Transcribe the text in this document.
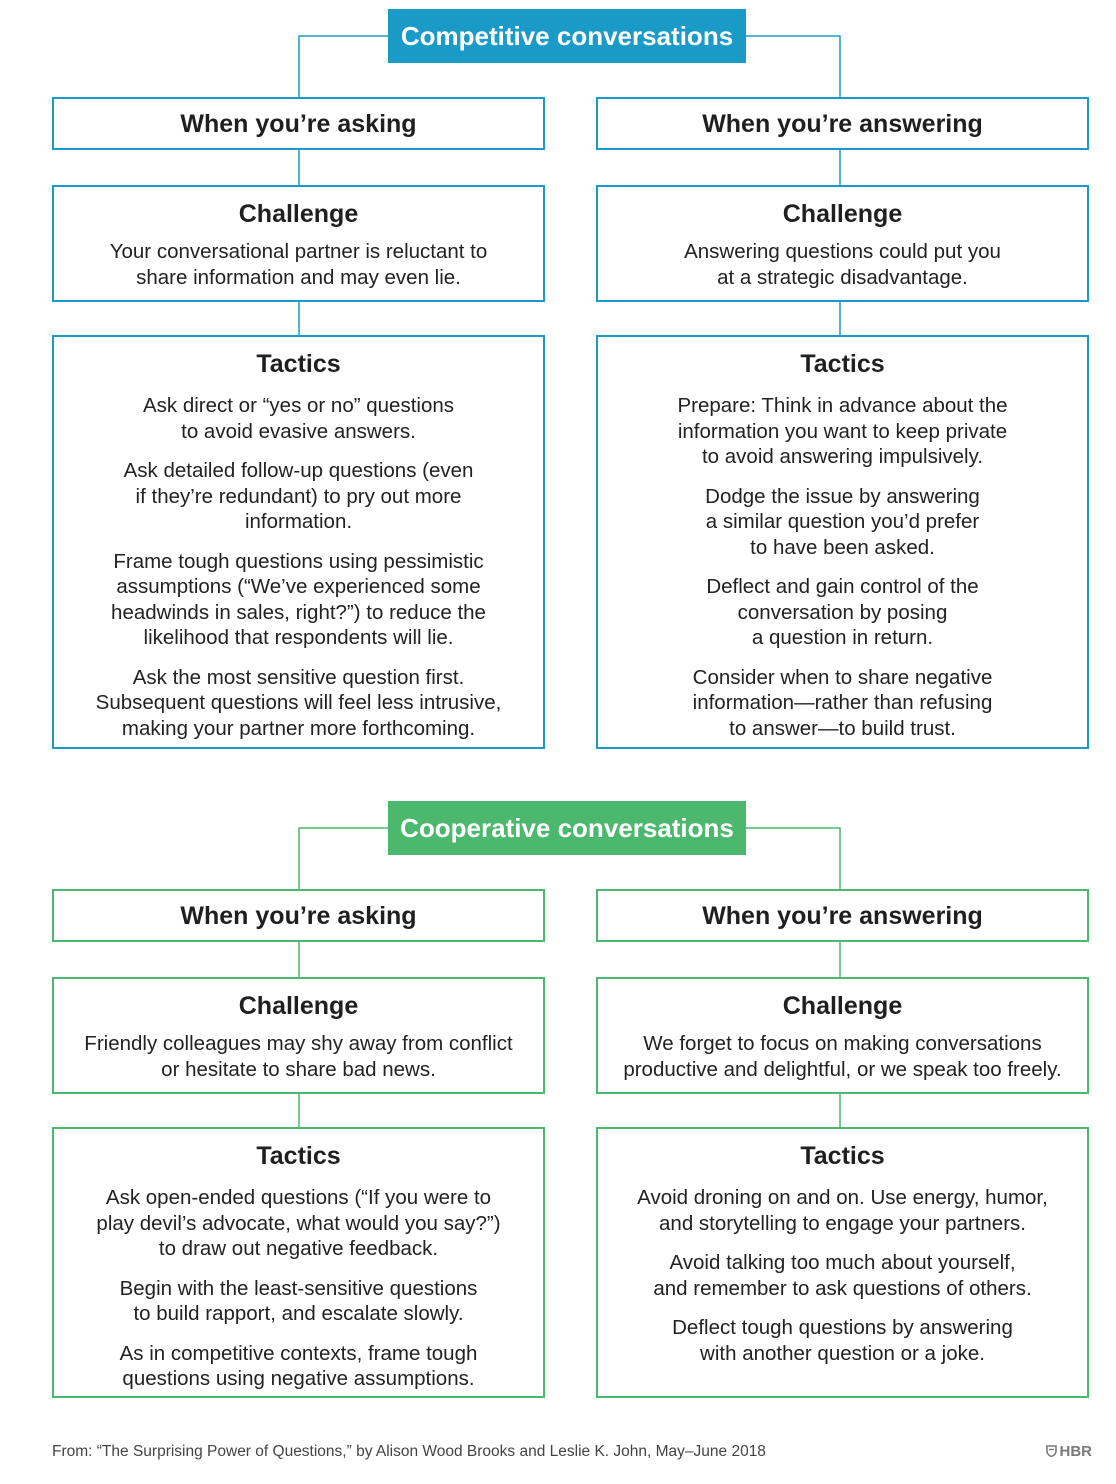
Competitive conversations
When you’re asking	When you’re answering
Challenge
Your conversational partner is reluctant to
share information and may even lie.
Challenge
Answering questions could put you
at a strategic disadvantage.
Tactics
Ask direct or “yes or no” questions
to avoid evasive answers.
Ask detailed follow-up questions (even
if they’re redundant) to pry out more
information.
Frame tough questions using pessimistic
assumptions (“We’ve experienced some
headwinds in sales, right?”) to reduce the
likelihood that respondents will lie.
Ask the most sensitive question first.
Subsequent questions will feel less intrusive,
making your partner more forthcoming.
Tactics
Prepare: Think in advance about the
information you want to keep private
to avoid answering impulsively.
Dodge the issue by answering
a similar question you’d prefer
to have been asked.
Deflect and gain control of the
conversation by posing
a question in return.
Consider when to share negative
information—rather than refusing
to answer—to build trust.
Cooperative conversations
When you’re asking	When you’re answering
Challenge
Friendly colleagues may shy away from conflict
or hesitate to share bad news.
Challenge
We forget to focus on making conversations
productive and delightful, or we speak too freely.
Tactics
Ask open-ended questions (“If you were to
play devil’s advocate, what would you say?”)
to draw out negative feedback.
Begin with the least-sensitive questions
to build rapport, and escalate slowly.
As in competitive contexts, frame tough
questions using negative assumptions.
Tactics
Avoid droning on and on. Use energy, humor,
and storytelling to engage your partners.
Avoid talking too much about yourself,
and remember to ask questions of others.
Deflect tough questions by answering
with another question or a joke.
From: “The Surprising Power of Questions,” by Alison Wood Brooks and Leslie K. John, May–June 2018	HBR
